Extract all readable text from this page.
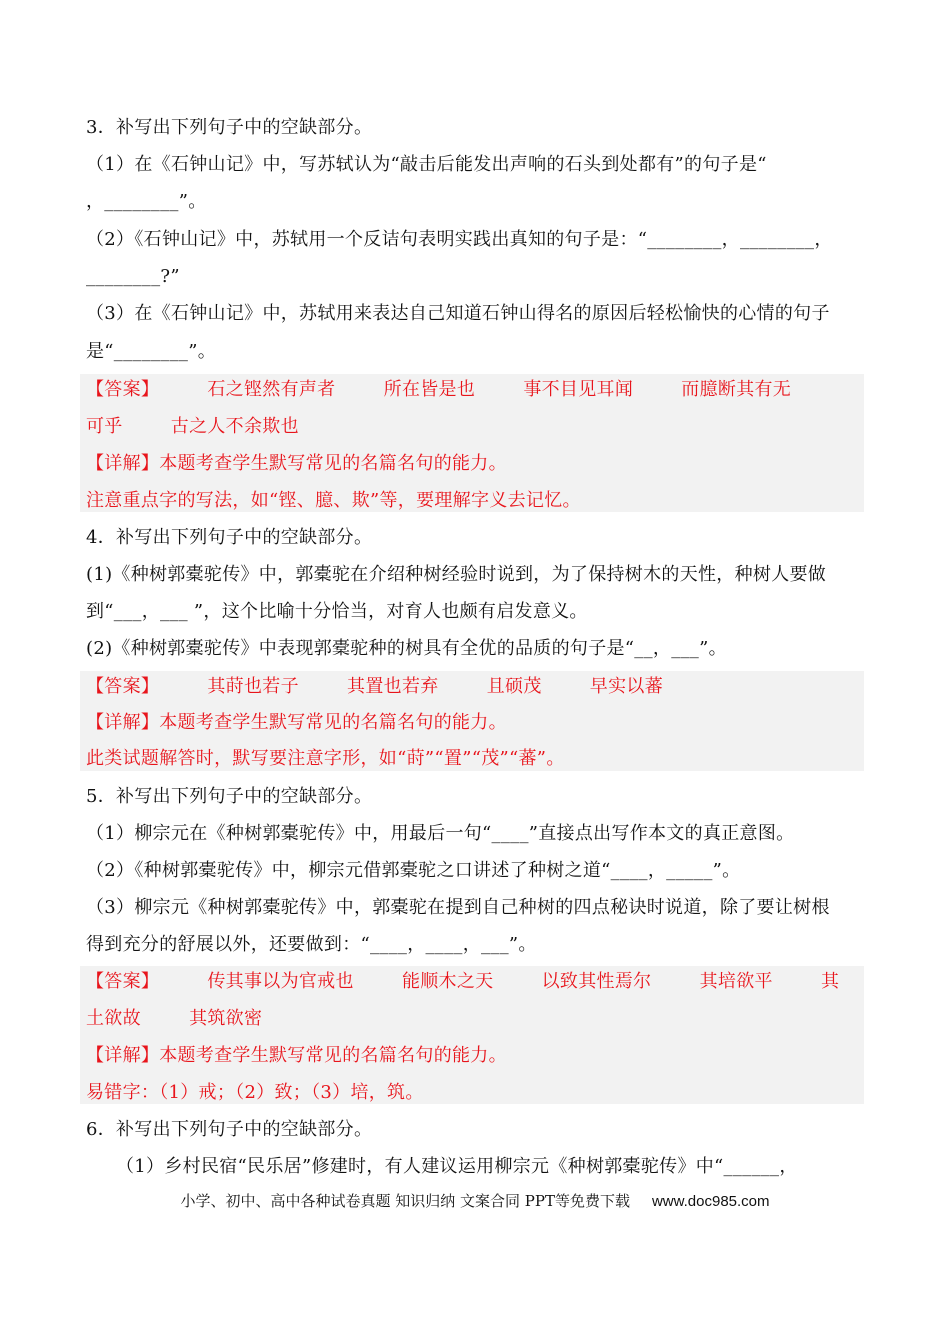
3．补写出下列句子中的空缺部分。
（1）在《石钟山记》中，写苏轼认为“敲击后能发出声响的石头到处都有”的句子是“
，________”。
（2）《石钟山记》中，苏轼用一个反诘句表明实践出真知的句子是：“________，________，
________?”
（3）在《石钟山记》中，苏轼用来表达自己知道石钟山得名的原因后轻松愉快的心情的句子
是“________”。
【答案】        石之铿然有声者        所在皆是也        事不目见耳闻        而臆断其有无
可乎        古之人不余欺也
【详解】本题考查学生默写常见的名篇名句的能力。
注意重点字的写法，如“铿、臆、欺”等，要理解字义去记忆。
4．补写出下列句子中的空缺部分。
(1)《种树郭橐驼传》中，郭橐驼在介绍种树经验时说到，为了保持树木的天性，种树人要做
到“___，___ ”，这个比喻十分恰当，对育人也颇有启发意义。
(2)《种树郭橐驼传》中表现郭橐驼种的树具有全优的品质的句子是“__，___”。
【答案】        其莳也若子        其置也若弃        且硕茂        早实以蕃
【详解】本题考查学生默写常见的名篇名句的能力。
此类试题解答时，默写要注意字形，如“莳”“置”“茂”“蕃”。
5．补写出下列句子中的空缺部分。
（1）柳宗元在《种树郭橐驼传》中，用最后一句“____”直接点出写作本文的真正意图。
（2）《种树郭橐驼传》中，柳宗元借郭橐驼之口讲述了种树之道“____，_____”。
（3）柳宗元《种树郭橐驼传》中，郭橐驼在提到自己种树的四点秘诀时说道，除了要让树根
得到充分的舒展以外，还要做到：“____，____，___”。
【答案】        传其事以为官戒也        能顺木之天        以致其性焉尔        其培欲平        其
土欲故        其筑欲密
【详解】本题考查学生默写常见的名篇名句的能力。
易错字：（1）戒；（2）致；（3）培，筑。
6．补写出下列句子中的空缺部分。
（1）乡村民宿“民乐居”修建时，有人建议运用柳宗元《种树郭橐驼传》中“______，
小学、初中、高中各种试卷真题 知识归纳 文案合同 PPT等免费下载 www.doc985.com
